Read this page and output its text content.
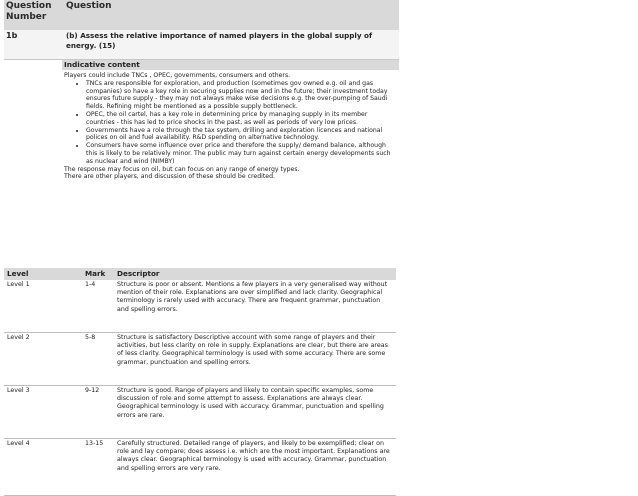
Question Number
Question
1b	(b) Assess the relative importance of named players in the global supply of energy. (15)
Indicative content

Players could include TNCs , OPEC, governments, consumers and others.

• TNCs are responsible for exploration, and production (sometimes gov owned e.g. oil and gas companies) so have a key role in securing supplies now and in the future; their investment today ensures future supply - they may not always make wise decisions e.g. the over-pumping of Saudi fields. Refining might be mentioned as a possible supply bottleneck.
• OPEC, the oil cartel, has a key role in determining price by managing supply in its member countries - this has led to price shocks in the past, as well as periods of very low prices.
• Governments have a role through the tax system, drilling and exploration licences and national polices on oil and fuel availability. R&D spending on alternative technology.
• Consumers have some influence over price and therefore the supply/ demand balance, although this is likely to be relatively minor. The public may turn against certain energy developments such as nuclear and wind (NIMBY)

The response may focus on oil, but can focus on any range of energy types.

There are other players, and discussion of these should be credited.

Level	Mark	Descriptor
Level 1	1-4	Structure is poor or absent. Mentions a few players in a very generalised way without mention of their role. Explanations are over simplified and lack clarity. Geographical terminology is rarely used with accuracy. There are frequent grammar, punctuation and spelling errors.
Level 2	5-8	Structure is satisfactory Descriptive account with some range of players and their activities, but less clarity on role in supply. Explanations are clear, but there are areas of less clarity. Geographical terminology is used with some accuracy. There are some grammar, punctuation and spelling errors.
Level 3	9-12	Structure is good. Range of players and likely to contain specific examples, some discussion of role and some attempt to assess. Explanations are always clear. Geographical terminology is used with accuracy. Grammar, punctuation and spelling errors are rare.
Level 4	13-15	Carefully structured. Detailed range of players, and likely to be exemplified; clear on role and lay compare; does assess i.e. which are the most important. Explanations are always clear. Geographical terminology is used with accuracy. Grammar, punctuation and spelling errors are very rare.
